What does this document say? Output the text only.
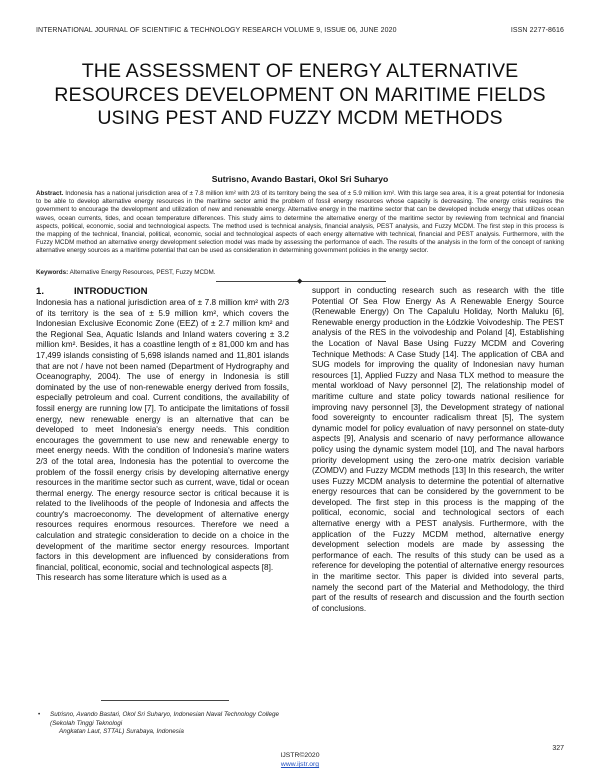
INTERNATIONAL JOURNAL OF SCIENTIFIC & TECHNOLOGY RESEARCH VOLUME 9, ISSUE 06, JUNE 2020	ISSN 2277-8616
THE ASSESSMENT OF ENERGY ALTERNATIVE RESOURCES DEVELOPMENT ON MARITIME FIELDS USING PEST AND FUZZY MCDM METHODS
Sutrisno, Avando Bastari, Okol Sri Suharyo

Abstract. Indonesia has a national jurisdiction area of ± 7.8 million km² with 2/3 of its territory being the sea of ± 5.9 million km². With this large sea area, it is a great potential for Indonesia to be able to develop alternative energy resources in the maritime sector amid the problem of fossil energy resources whose capacity is decreasing. The energy crisis requires the government to encourage the development and utilization of new and renewable energy. Alternative energy in the maritime sector that can be developed include energy that utilizes ocean waves, ocean currents, tides, and ocean temperature differences. This study aims to determine the alternative energy of the maritime sector by reviewing from technical and financial aspects, political, economic, social and technological aspects. The method used is technical analysis, financial analysis, PEST analysis, and Fuzzy MCDM. The first step in this process is the mapping of the technical, financial, political, economic, social and technological aspects of each energy alternative with technical, financial and PEST analysis. Furthermore, with the Fuzzy MCDM method an alternative energy development selection model was made by assessing the performance of each. The results of the analysis in the form of the concept of ranking alternative energy sources as a maritime potential that can be used as consideration in determining government policies in the energy sector.

Keywords: Alternative Energy Resources, PEST, Fuzzy MCDM.

◆
1.	INTRODUCTION

Indonesia has a national jurisdiction area of ± 7.8 million km² with 2/3 of its territory is the sea of ± 5.9 million km², which covers the Indonesian Exclusive Economic Zone (EEZ) of ± 2.7 million km² and the Regional Sea, Aquatic Islands and Inland waters covering ± 3.2 million km². Besides, it has a coastline length of ± 81,000 km and has 17,499 islands consisting of 5,698 islands named and 11,801 islands that are not / have not been named (Department of Hydrography and Oceanography, 2004). The use of energy in Indonesia is still dominated by the use of non-renewable energy derived from fossils, especially petroleum and coal. Current conditions, the availability of fossil energy are running low [7]. To anticipate the limitations of fossil energy, new renewable energy is an alternative that can be developed to meet Indonesia's energy needs. This condition encourages the government to use new and renewable energy to meet energy needs. With the condition of Indonesia's marine waters 2/3 of the total area, Indonesia has the potential to overcome the problem of the fossil energy crisis by developing alternative energy resources in the maritime sector such as current, wave, tidal or ocean thermal energy. The energy resource sector is critical because it is related to the livelihoods of the people of Indonesia and affects the country's macroeconomy. The development of alternative energy resources requires enormous resources. Therefore we need a calculation and strategic consideration to decide on a choice in the development of the maritime sector energy resources. Important factors in this development are influenced by considerations from financial, political, economic, social and technological aspects [8].

This research has some literature which is used as a

support in conducting research such as research with the title Potential Of Sea Flow Energy As A Renewable Energy Source (Renewable Energy) On The Capalulu Holiday, North Maluku [6], Renewable energy production in the Łódzkie Voivodeship. The PEST analysis of the RES in the voivodeship and Poland [4], Establishing the Location of Naval Base Using Fuzzy MCDM and Covering Technique Methods: A Case Study [14]. The application of CBA and SUG models for improving the quality of Indonesian navy human resources [1], Applied Fuzzy and Nasa TLX method to measure the mental workload of Navy personnel [2], The relationship model of maritime culture and state policy towards national resilience for improving navy personnel [3], the Development strategy of national food sovereignty to encounter radicalism threat [5], The system dynamic model for policy evaluation of navy personnel on state-duty aspects [9], Analysis and scenario of navy performance allowance policy using the dynamic system model [10], and The naval harbors priority development using the zero-one matrix decision variable (ZOMDV) and Fuzzy MCDM methods [13] In this research, the writer uses Fuzzy MCDM analysis to determine the potential of alternative energy resources that can be considered by the government to be developed. The first step in this process is the mapping of the political, economic, social and technological sectors of each alternative energy with a PEST analysis. Furthermore, with the application of the Fuzzy MCDM method, alternative energy development selection models are made by assessing the performance of each. The results of this study can be used as a reference for developing the potential of alternative energy resources in the maritime sector. This paper is divided into several parts, namely the second part of the Material and Methodology, the third part of the results of research and discussion and the fourth section of conclusions.

•	Sutrisno, Avando Bastari, Okol Sri Suharyo, Indonesian Naval Technology College (Sekolah Tinggi Teknologi
Angkatan Laut, STTAL) Surabaya, Indonesia
327
IJSTR©2020
www.ijstr.org
